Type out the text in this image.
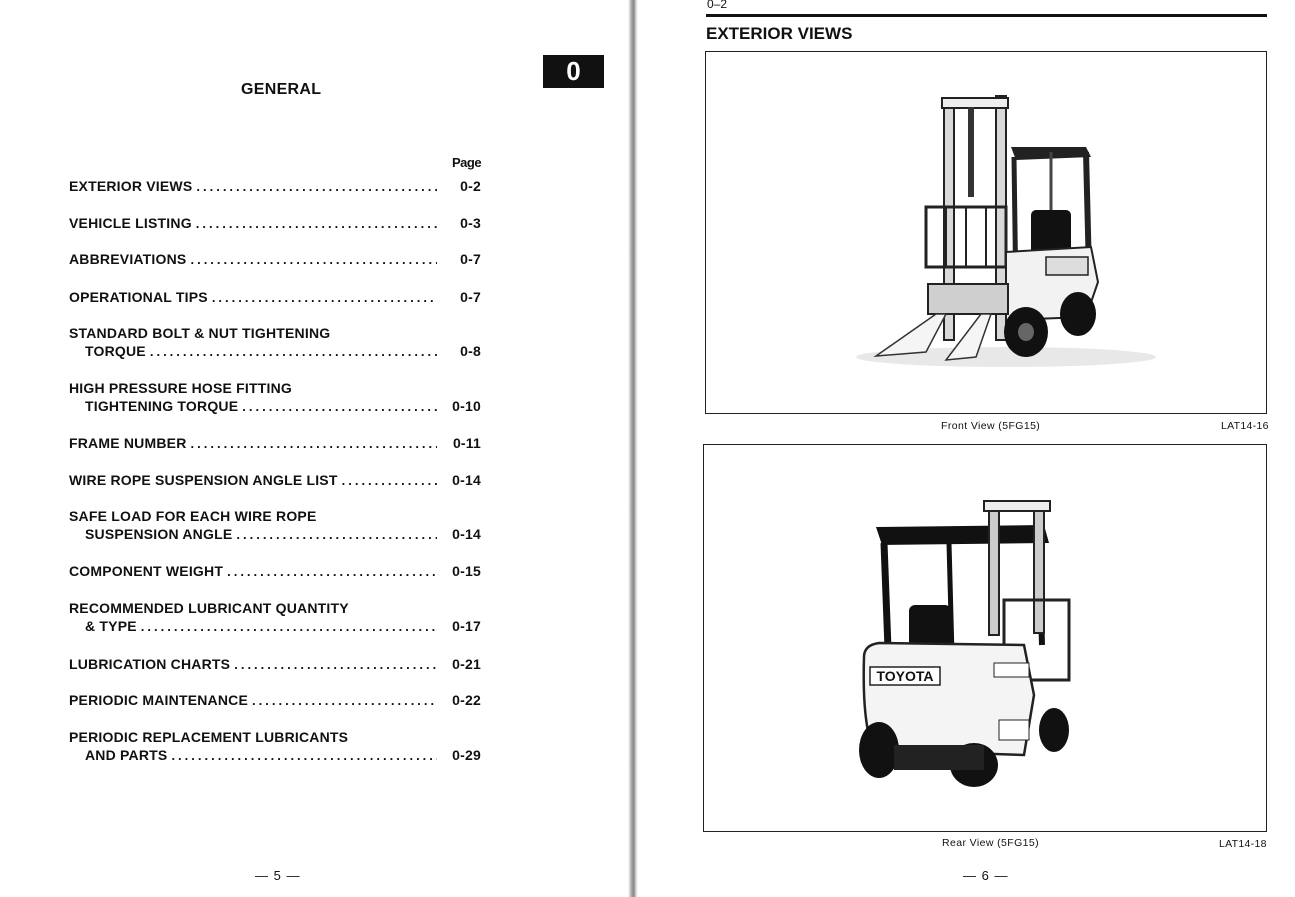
0
GENERAL
Page
EXTERIOR VIEWS .....	0-2
VEHICLE LISTING .....	0-3
ABBREVIATIONS .....	0-7
OPERATIONAL TIPS .....	0-7
STANDARD BOLT & NUT TIGHTENING
TORQUE .....	0-8
HIGH PRESSURE HOSE FITTING
TIGHTENING TORQUE .....	0-10
FRAME NUMBER .....	0-11
WIRE ROPE SUSPENSION ANGLE LIST .....	0-14
SAFE LOAD FOR EACH WIRE ROPE
SUSPENSION ANGLE .....	0-14
COMPONENT WEIGHT .....	0-15
RECOMMENDED LUBRICANT QUANTITY
& TYPE .....	0-17
LUBRICATION CHARTS .....	0-21
PERIODIC MAINTENANCE .....	0-22
PERIODIC REPLACEMENT LUBRICANTS
AND PARTS .....	0-29
— 5 —
0–2
EXTERIOR VIEWS
Front View (5FG15)	LAT14-16
TOYOTA
Rear View (5FG15)	LAT14-18
— 6 —
